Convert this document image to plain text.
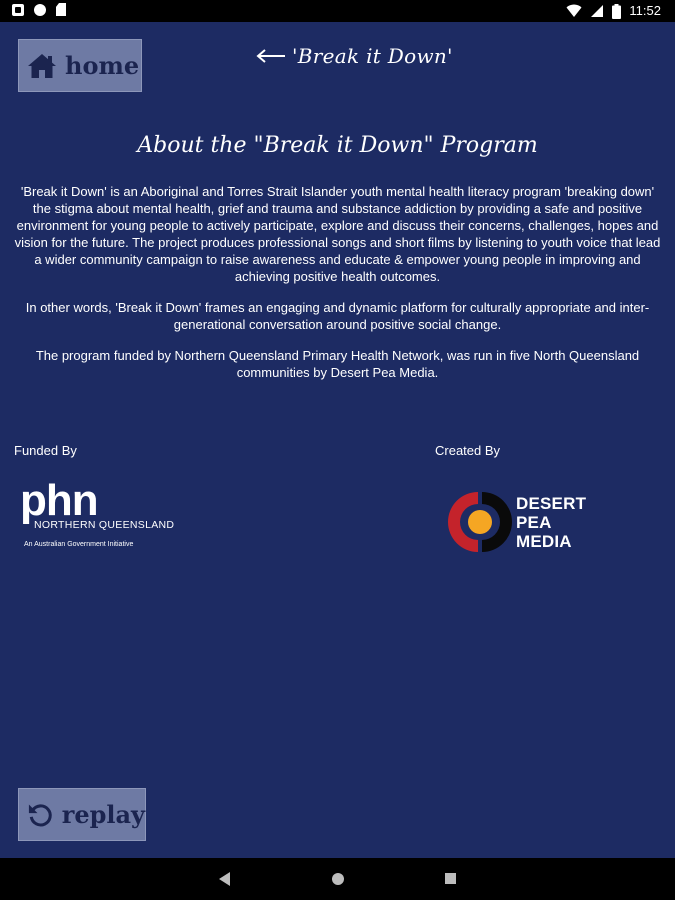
11:52
home	'Break it Down'
About the "Break it Down" Program

'Break it Down' is an Aboriginal and Torres Strait Islander youth mental health literacy program 'breaking down' the stigma about mental health, grief and trauma and substance addiction by providing a safe and positive environment for young people to actively participate, explore and discuss their concerns, challenges, hopes and vision for the future. The project produces professional songs and short films by listening to youth voice that lead a wider community campaign to raise awareness and educate & empower young people in improving and achieving positive health outcomes.

In other words, 'Break it Down' frames an engaging and dynamic platform for culturally appropriate and inter-generational conversation around positive social change.

The program funded by Northern Queensland Primary Health Network, was run in five North Queensland communities by Desert Pea Media.

Funded By	Created By
phn
NORTHERN QUEENSLAND
An Australian Government Initiative
DESERT
PEA
MEDIA
replay
